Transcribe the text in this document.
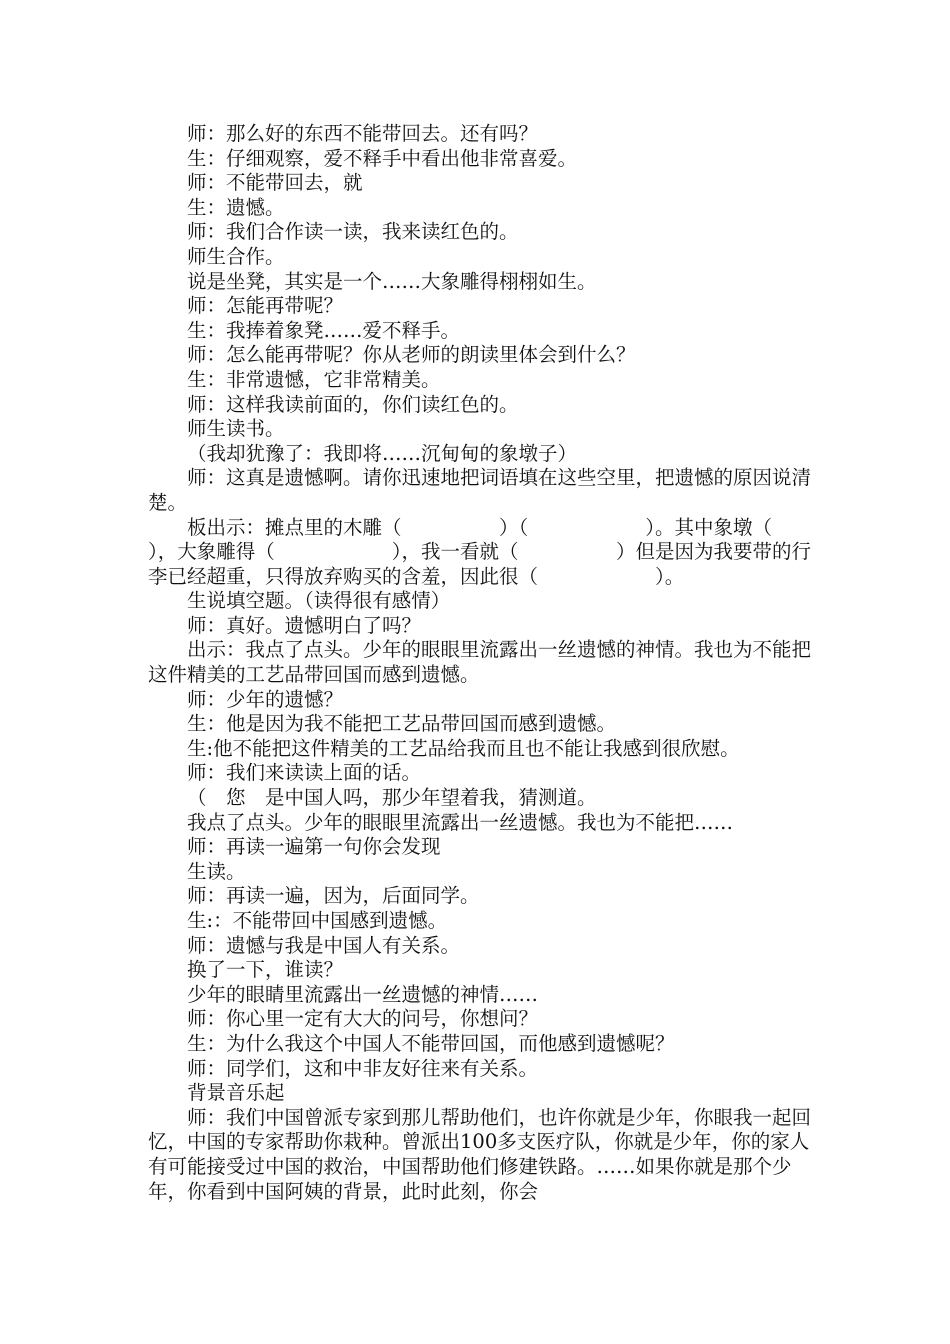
师：那么好的东西不能带回去。还有吗？

生：仔细观察，爱不释手中看出他非常喜爱。

师：不能带回去，就

生：遗憾。

师：我们合作读一读，我来读红色的。

师生合作。

说是坐凳，其实是一个……大象雕得栩栩如生。

师：怎能再带呢？

生：我捧着象凳……爱不释手。

师：怎么能再带呢？你从老师的朗读里体会到什么？

生：非常遗憾，它非常精美。

师：这样我读前面的，你们读红色的。

师生读书。

（我却犹豫了：我即将……沉甸甸的象墩子）

师：这真是遗憾啊。请你迅速地把词语填在这些空里，把遗憾的原因说清楚。

板出示：摊点里的木雕（　　　　　）（　　　　　　）。其中象墩（　　），大象雕得（　　　　　　），我一看就（　　　　　）但是因为我要带的行李已经超重，只得放弃购买的含羞，因此很（　　　　　　）。

生说填空题。（读得很有感情）

师：真好。遗憾明白了吗？

出示：我点了点头。少年的眼眼里流露出一丝遗憾的神情。我也为不能把这件精美的工艺品带回国而感到遗憾。

师：少年的遗憾？

生：他是因为我不能把工艺品带回国而感到遗憾。

生:他不能把这件精美的工艺品给我而且也不能让我感到很欣慰。

师：我们来读读上面的话。

（　您　是中国人吗，那少年望着我，猜测道。

我点了点头。少年的眼眼里流露出一丝遗憾。我也为不能把……

师：再读一遍第一句你会发现

生读。

师：再读一遍，因为，后面同学。

生:：不能带回中国感到遗憾。

师：遗憾与我是中国人有关系。

换了一下，谁读？

少年的眼睛里流露出一丝遗憾的神情……

师：你心里一定有大大的问号，你想问？

生：为什么我这个中国人不能带回国，而他感到遗憾呢？

师：同学们，这和中非友好往来有关系。

背景音乐起

师：我们中国曾派专家到那儿帮助他们，也许你就是少年，你眼我一起回忆，中国的专家帮助你栽种。曾派出100多支医疗队，你就是少年，你的家人有可能接受过中国的救治，中国帮助他们修建铁路。……如果你就是那个少年，你看到中国阿姨的背景，此时此刻，你会
